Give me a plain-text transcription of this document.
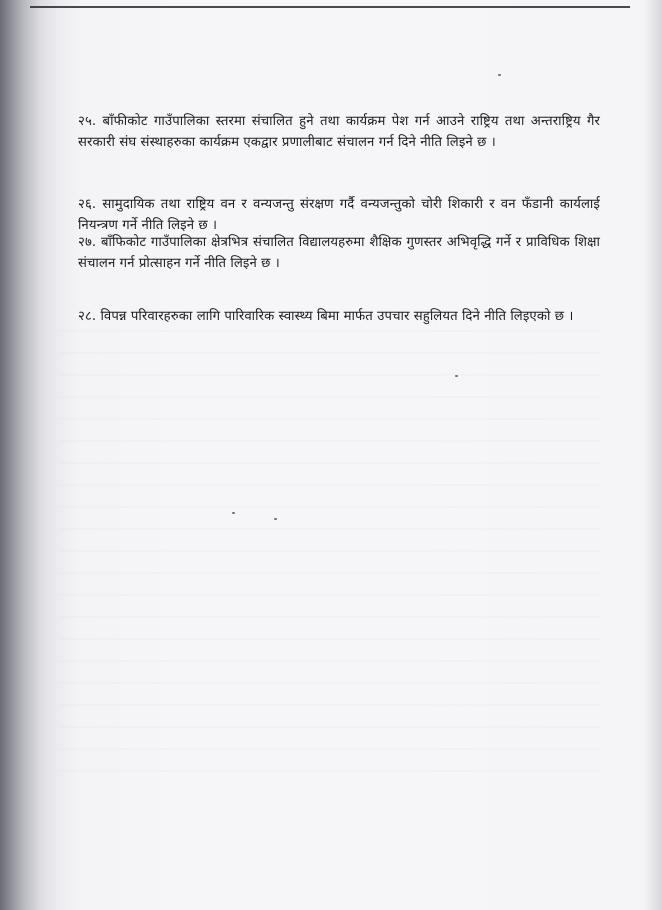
२५. बाँफीकोट गाउँपालिका स्तरमा संचालित हुने तथा कार्यक्रम पेश गर्न आउने राष्ट्रिय तथा अन्तराष्ट्रिय गैर सरकारी संघ संस्थाहरुका कार्यक्रम एकद्वार प्रणालीबाट संचालन गर्न दिने नीति लिइने छ ।

२६. सामुदायिक तथा राष्ट्रिय वन र वन्यजन्तु संरक्षण गर्दै वन्यजन्तुको चोरी शिकारी र वन फँडानी कार्यलाई नियन्त्रण गर्ने नीति लिइने छ ।

२७. बाँफिकोट गाउँपालिका क्षेत्रभित्र संचालित विद्यालयहरुमा शैक्षिक गुणस्तर अभिवृद्धि गर्ने र प्राविधिक शिक्षा संचालन गर्न प्रोत्साहन गर्ने नीति लिइने छ ।

२८. विपन्न परिवारहरुका लागि पारिवारिक स्वास्थ्य बिमा मार्फत उपचार सहुलियत दिने नीति लिइएको छ ।
